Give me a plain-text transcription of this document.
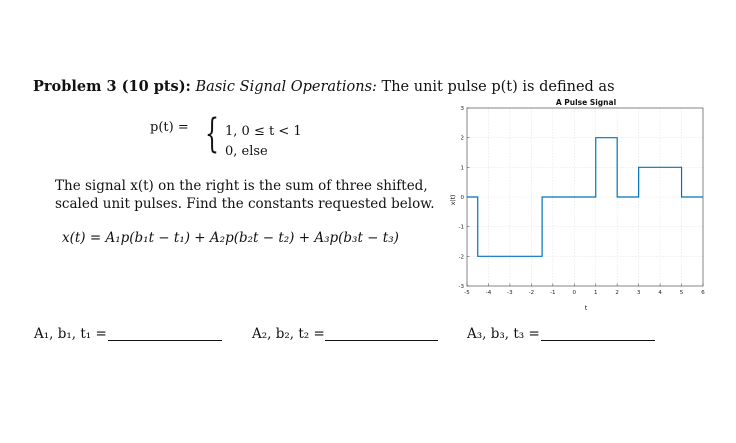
Problem 3 (10 pts): Basic Signal Operations: The unit pulse p(t) is defined as
p(t) = { 1, 0 ≤ t < 1
0, else
The signal x(t) on the right is the sum of three shifted,
scaled unit pulses. Find the constants requested below.
x(t) = A₁p(b₁t − t₁) + A₂p(b₂t − t₂) + A₃p(b₃t − t₃)
A₁, b₁, t₁ =	A₂, b₂, t₂ =	A₃, b₃, t₃ =
A Pulse Signal
t
x(t)
-5	-4	-3	-2	-1	0	1	2	3	4	5	6
-3
-2
-1
0
1
2
3
